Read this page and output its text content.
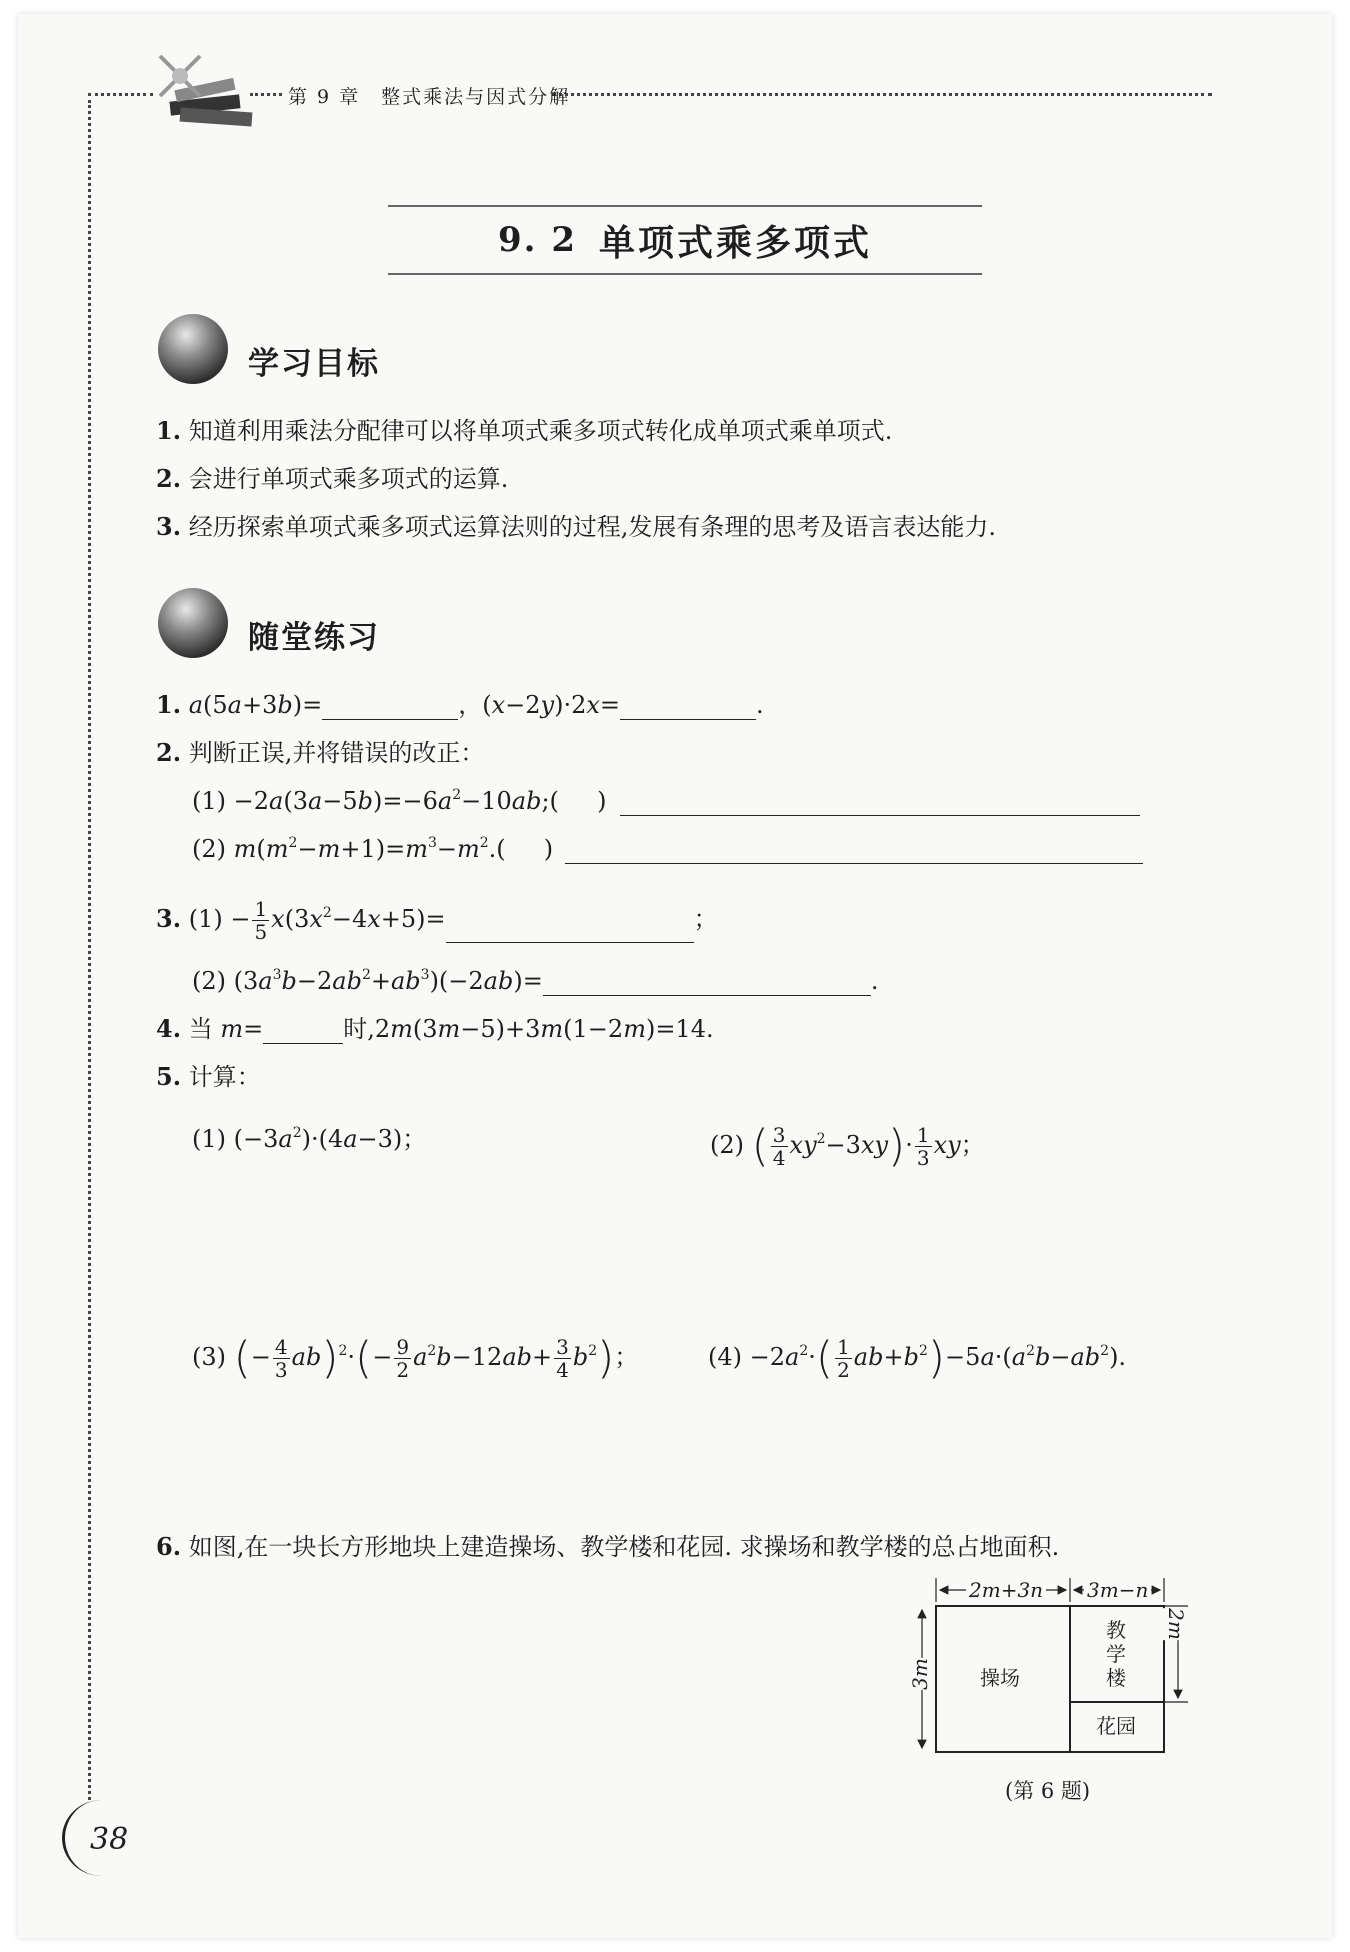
第 9 章　整式乘法与因式分解
9. 2 单项式乘多项式
学习目标
1. 知道利用乘法分配律可以将单项式乘多项式转化成单项式乘单项式.
2. 会进行单项式乘多项式的运算.
3. 经历探索单项式乘多项式运算法则的过程,发展有条理的思考及语言表达能力.
随堂练习
1. a(5a+3b)=	，(x−2y)·2x=	.
2. 判断正误,并将错误的改正：
$(1) -2a(3a-5b)=-6a^2-10ab$;(     )
(2) $m(m^2-m+1)=m^3-m^2$.(     )
3. $(1) - \frac{1}{5} x(3x^2-4x+5)=$	；
(2) $(3a^3b-2ab^2+ab^3)(-2ab)=$	.
4. 当 m=	时,2m(3m−5)+3m(1−2m)=14.
5. 计算：
(1) $(-3a^2)\cdot(4a-3)$；	(2) ( $\frac{3}{4} xy^2-3xy)\cdot \frac{1}{3}$ xy；
(3) (− $\frac{4}{3} ab)^2\cdot(- \frac{9}{2} a^2b-12ab+ \frac{3}{4} b^2)$；	$(4) -2a^2\cdot( \frac{1}{2} ab+b^2)-5a\cdot(a^2b-ab^2)$.
6. 如图,在一块长方形地块上建造操场、教学楼和花园. 求操场和教学楼的总占地面积.
2m+3n 3m−n
3m
2m
操场
教
学
楼
花园
(第 6 题)
38
